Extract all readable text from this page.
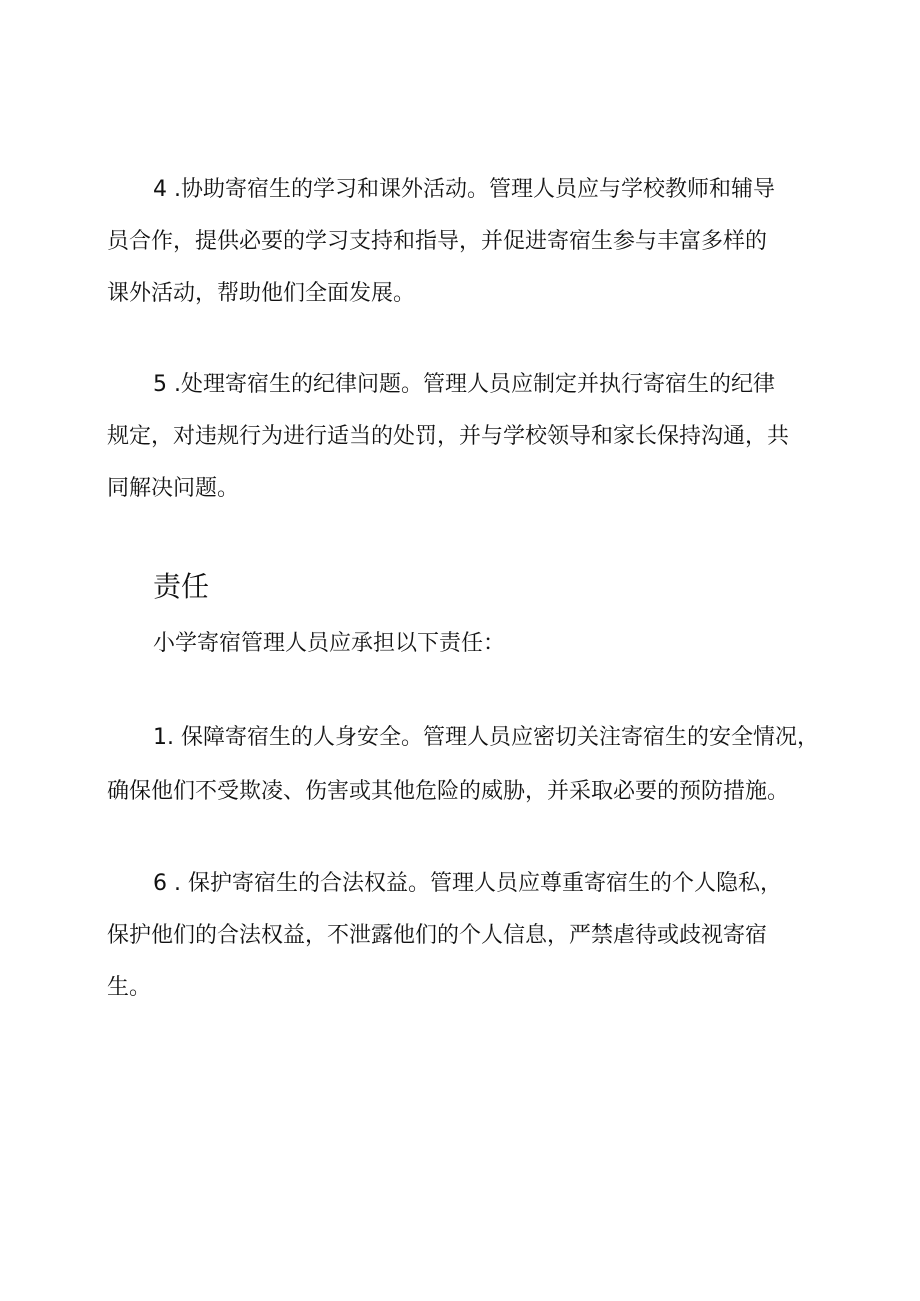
4 .协助寄宿生的学习和课外活动。管理人员应与学校教师和辅导
员合作，提供必要的学习支持和指导，并促进寄宿生参与丰富多样的
课外活动，帮助他们全面发展。

5 .处理寄宿生的纪律问题。管理人员应制定并执行寄宿生的纪律
规定，对违规行为进行适当的处罚，并与学校领导和家长保持沟通，共
同解决问题。

责任

小学寄宿管理人员应承担以下责任：

1. 保障寄宿生的人身安全。管理人员应密切关注寄宿生的安全情况，
确保他们不受欺凌、伤害或其他危险的威胁，并采取必要的预防措施。

6 . 保护寄宿生的合法权益。管理人员应尊重寄宿生的个人隐私，
保护他们的合法权益，不泄露他们的个人信息，严禁虐待或歧视寄宿
生。
